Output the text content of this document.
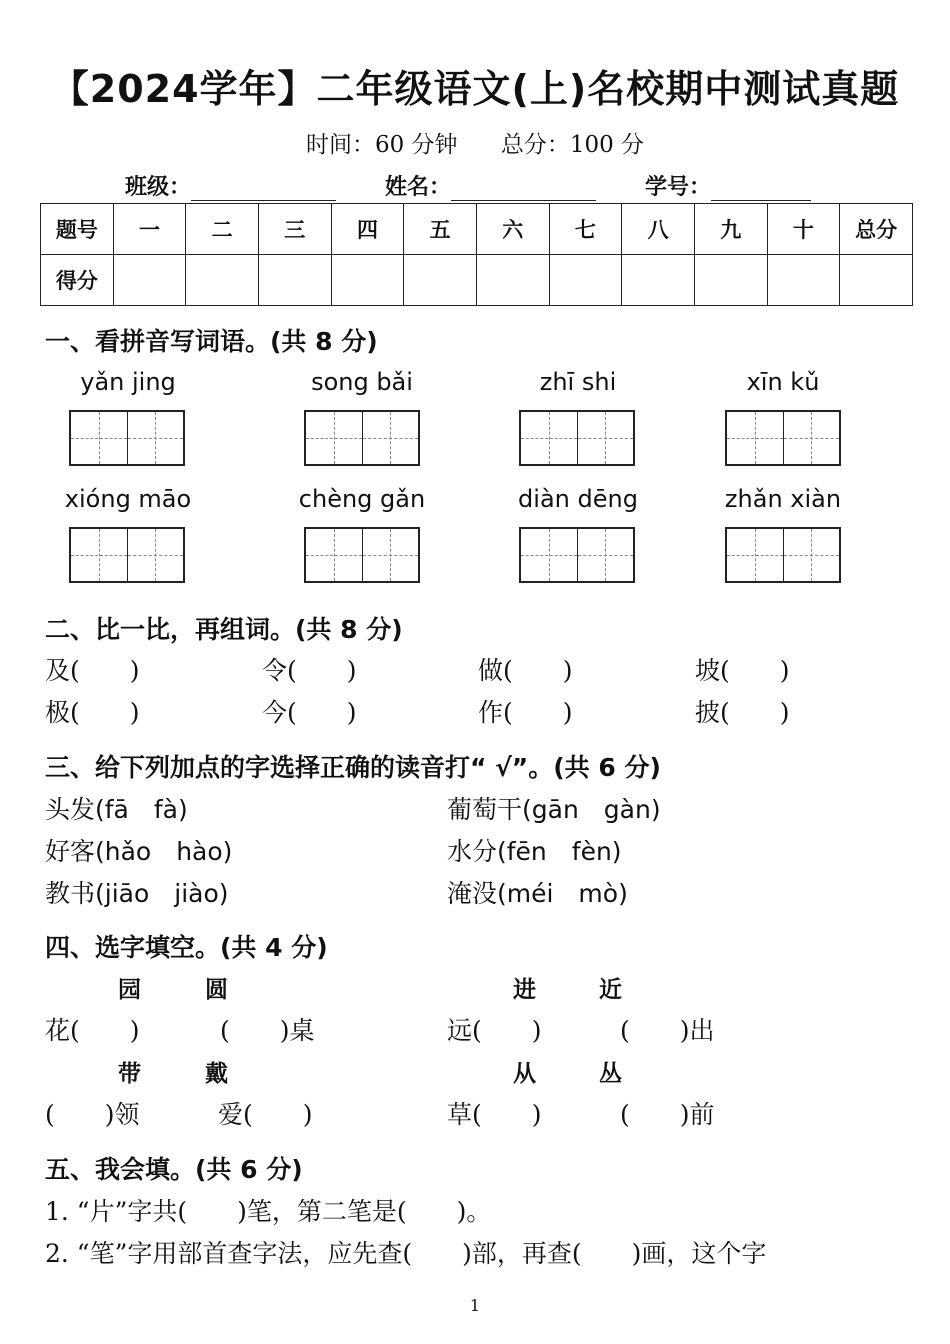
【2024学年】二年级语文(上)名校期中测试真题
时间：60 分钟 总分：100 分
班级：	姓名：	学号：
题号	一	二	三	四	五	六	七	八	九	十	总分
得分											
一、看拼音写词语。(共 8 分)
yǎn jing	song bǎi	zhī shi	xīn kǔ
xióng māo	chèng gǎn	diàn dēng	zhǎn xiàn
二、比一比，再组词。(共 8 分)
及(　　)	令(　　)	做(　　)	坡(　　)
极(　　)	今(　　)	作(　　)	披(　　)
三、给下列加点的字选择正确的读音打“ √”。(共 6 分)
头发(fā　fà)	葡萄干(gān　gàn)
好客(hǎo　hào)	水分(fēn　fèn)
教书(jiāo　jiào)	淹没(méi　mò)
四、选字填空。(共 4 分)
园	圆	进	近
花(　　)	(　　)桌	远(　　)	(　　)出
带	戴	从	丛
(　　)领	爱(　　)	草(　　)	(　　)前
五、我会填。(共 6 分)
1. “片”字共(　　)笔，第二笔是(　　)。
2. “笔”字用部首查字法，应先查(　　)部，再查(　　)画，这个字
1
